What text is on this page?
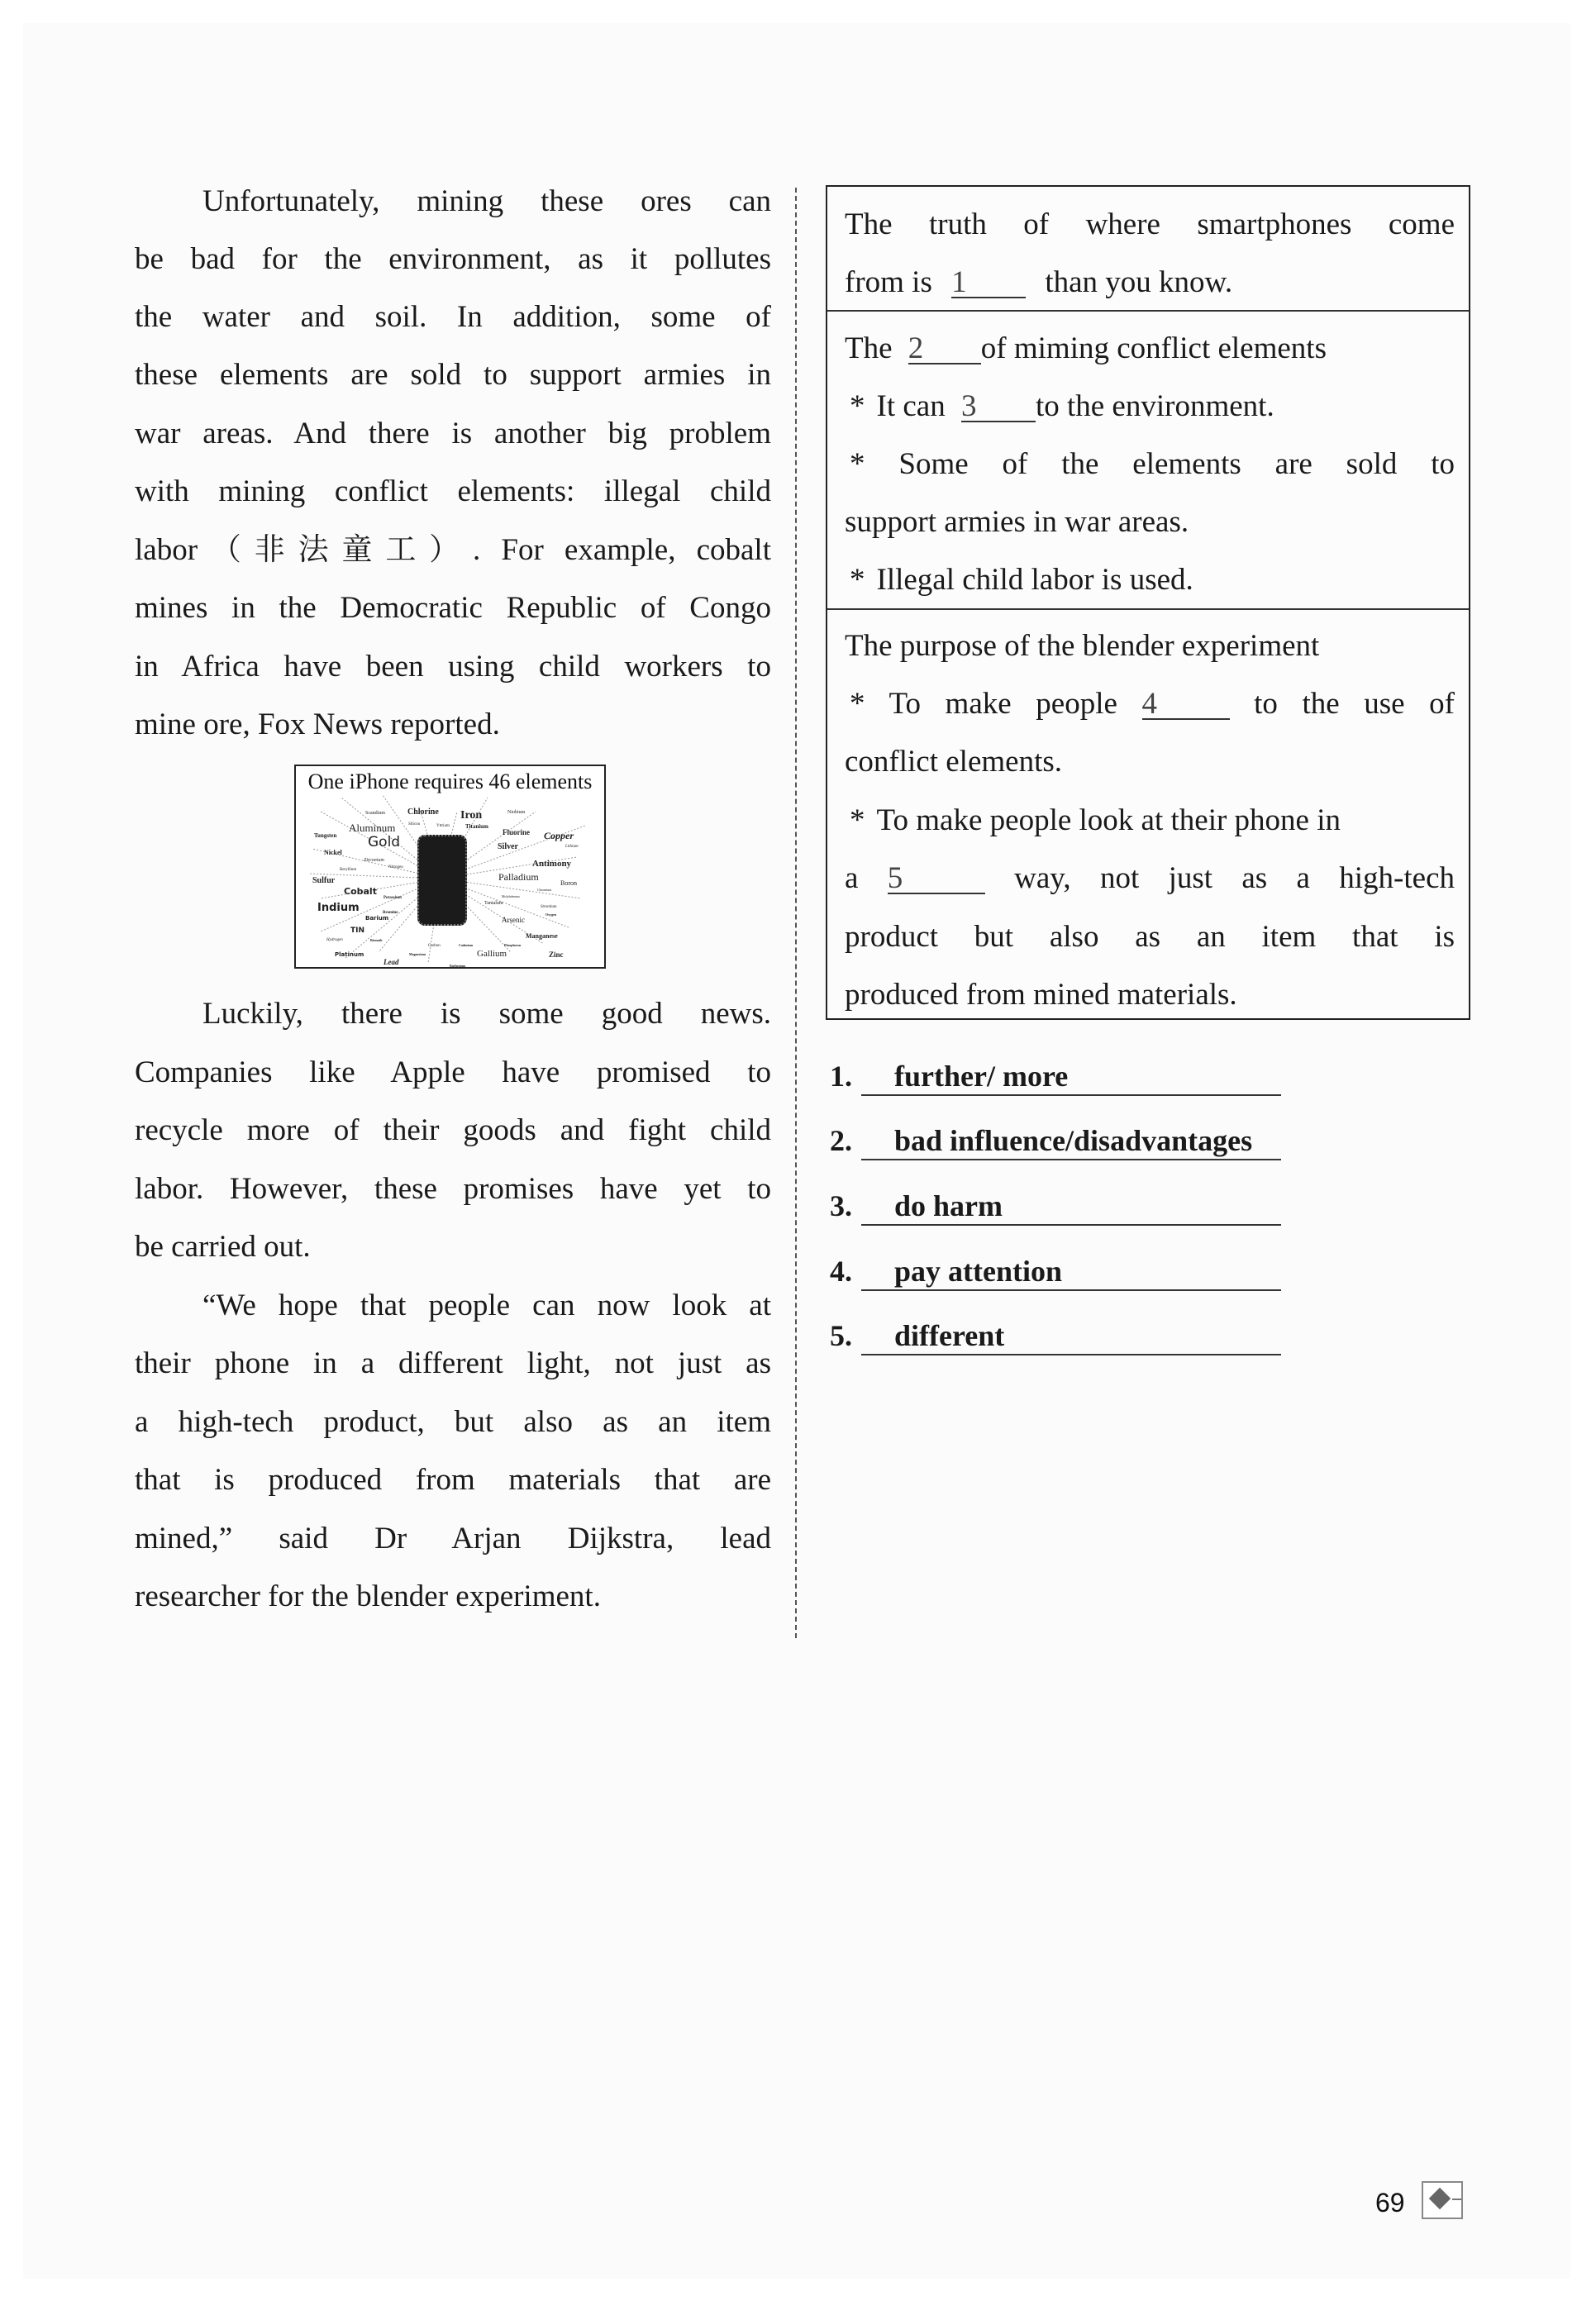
Unfortunately, mining these ores can
be bad for the environment, as it pollutes
the water and soil. In addition, some of
these elements are sold to support armies in
war areas. And there is another big problem
with mining conflict elements: illegal child
labor（非法童工）. For example, cobalt
mines in the Democratic Republic of Congo
in Africa have been using child workers to
mine ore, Fox News reported.
One iPhone requires 46 elements
Scandium	Chlorine Iron	Niobium
Silicon	Yttrium	Titanium
Aluminum	Fluorine Copper
Tungsten Gold	Silver	Lithium
Nickel
Zirconium	Antimony
Nitrogen
Beryllium
Palladium
Sulfur	Boron
Chromium
Cobalt	Molybdenum
Potassium
Tantalum
Indium	Strontium
Bromine	Oxygen
Barium	Arsenic
TIN
Manganese
Hydrogen	Bismuth
Carbon	Cadmium	Phosphorus
Platinum	Magnesium	Gallium	Zinc
Lead	Ruthenium
Luckily, there is some good news.
Companies like Apple have promised to
recycle more of their goods and fight child
labor. However, these promises have yet to
be carried out.
“We hope that people can now look at
their phone in a different light, not just as
a high-tech product, but also as an item
that is produced from materials that are
mined,” said Dr Arjan Dijkstra, lead
researcher for the blender experiment.
The truth of where smartphones come
from is 1	than you know.
The 2 of miming conflict elements
* It can 3 to the environment.
* Some of the elements are sold to
support armies in war areas.
* Illegal child labor is used.
The purpose of the blender experiment
* To make people 4	to the use of
conflict elements.
* To make people look at their phone in
a 5	way, not just as a high-tech
product but also as an item that is
produced from mined materials.
1. further/ more
2. bad influence/disadvantages
3. do harm
4. pay attention
5. different
69
